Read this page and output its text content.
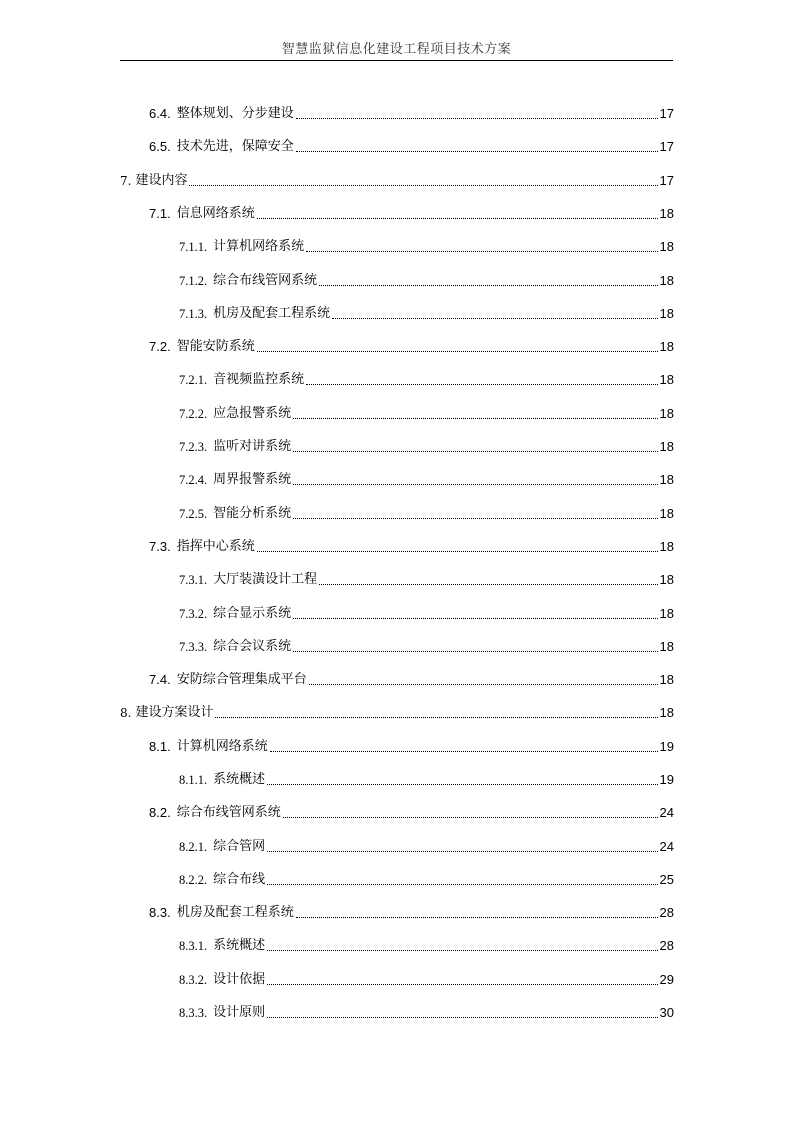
智慧监狱信息化建设工程项目技术方案
6.4. 整体规划、分步建设	17
6.5. 技术先进，保障安全	17
7. 建设内容	17
7.1. 信息网络系统	18
7.1.1. 计算机网络系统	18
7.1.2. 综合布线管网系统	18
7.1.3. 机房及配套工程系统	18
7.2. 智能安防系统	18
7.2.1. 音视频监控系统	18
7.2.2. 应急报警系统	18
7.2.3. 监听对讲系统	18
7.2.4. 周界报警系统	18
7.2.5. 智能分析系统	18
7.3. 指挥中心系统	18
7.3.1. 大厅装潢设计工程	18
7.3.2. 综合显示系统	18
7.3.3. 综合会议系统	18
7.4. 安防综合管理集成平台	18
8. 建设方案设计	18
8.1. 计算机网络系统	19
8.1.1. 系统概述	19
8.2. 综合布线管网系统	24
8.2.1. 综合管网	24
8.2.2. 综合布线	25
8.3. 机房及配套工程系统	28
8.3.1. 系统概述	28
8.3.2. 设计依据	29
8.3.3. 设计原则	30
